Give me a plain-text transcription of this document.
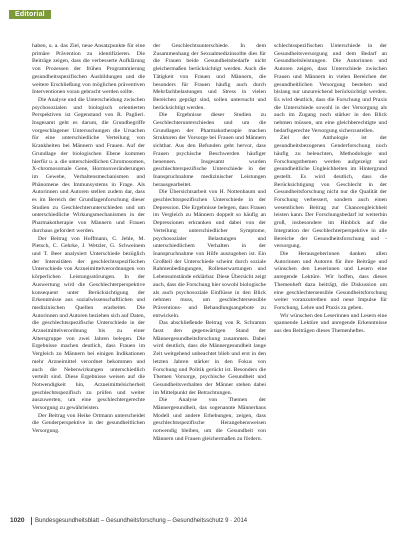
Editorial

haben, u. a. das Ziel, neue Ansatzpunkte für eine primäre Prävention zu identifizieren. Die Beiträge zeigen, dass die verbesserte Aufklärung von Prozessen der frühen Programmierung gesundheitsspezifischen Ausbildungen und die weitere Erschließung von möglichen präventiven Interventionen voran gebracht werden sollte.

Die Analyse und die Unterscheidung zwischen psychosozialen und biologisch orientierten Perspektiven ist Gegenstand von R. Paglieri. Insgesamt geht es darum, die Grundbegriffe vorgeschlagener Untersuchungen die Ursachen für eine unterschiedliche Verteilung von Krankheiten bei Männern und Frauen. Auf der Grundlage der biologischen Ebene kommen hierfür u. a. die unterschiedlichen Chromosomen, X-chromosomale Gene, Hormonveränderungen im Gewebe, Verhaltensmechanismen und Phänomene des Immunsystems in Frage. Als Autorinnen und Autoren stellen zudem dar, dass es im Bereich der Grundlagenforschung dieser Studien zu Geschlechterunterschieden und um unterschiedliche Wirkungsmechanismen in der Pharmakotherapie von Männern und Frauen durchaus gefordert werden.

Der Beitrag von Hoffmann, C. Jehle, M. Pietsch, C. Gehrke, J. Wetzler, G. Schweinem und T. Beer analysiert Unterschiede bezüglich der Intensitäten der geschlechtsspezifischen Unterschiede von Arzneimittelverordnungen von körperlichen Leistungsstörungen. In der Auswertung wird die Geschlechterperspektive konsequent unter Berücksichtigung der Erkenntnisse aus sozialwissenschaftlichen und medizinischen Quellen erarbeitet. Die Autorinnen und Autoren beziehen sich auf Daten, die geschlechtsspezifische Unterschiede in der Arzneimittelverordnung bis zu einer Altersgruppe von zwei Jahren belegen. Die Ergebnisse machen deutlich, dass Frauen im Vergleich zu Männern bei einigen Indikationen mehr Arzneimittel verordnet bekommen und auch die Nebenwirkungen unterschiedlich verteilt sind. Diese Ergebnisse weisen auf die Notwendigkeit hin, Arzneimittelsicherheit geschlechtsspezifisch zu prüfen und weiter auszuwerten, um eine geschlechtergerechte Versorgung zu gewährleisten.

Der Beitrag von Heike Ortmann unterscheidet die Genderperspektive in der gesundheitlichen Versorgung.

der Geschlechtsunterschiede. In dem Zusammenhang der Sexualmedizinsollte dies für die Frauen beide Gesundheitsbedarfe nicht gleichermaßen berücksichtigt werden. Auch die Tätigkeit von Frauen und Männern, die besonders für Frauen häufig auch durch Mehrfachbelastungen und Stress in vielen Bereichen geprägt sind, sollen untersucht und berücksichtigt werden.

Die Ergebnisse dieser Studien zu Geschlechterunterschieden und um die Grundlagen der Pharmakotherapie machen Strukturen der Vorsorge bei Frauen und Männern sichtbar. Aus den Befunden geht hervor, dass Frauen psychische Beschwerden häufiger benennen. Insgesamt wurden geschlechterspezifische Unterschiede in der Inanspruchnahme medizinischer Leistungen herausgearbeitet.

Die Übersichtsarbeit von H. Nottenbaum und geschlechtsspezifischen Unterschiede in der Depression. Die Ergebnisse belegen, dass Frauen im Vergleich zu Männern doppelt so häufig an Depressionen erkranken und dabei von der Verteilung unterschiedlicher Symptome, psychosozialer Belastungen und unterschiedlichem Verhalten in der Inanspruchnahme von Hilfe auszugehen ist. Ein Großteil der Unterschiede scheint durch soziale Rahmenbedingungen, Rollenerwartungen und Lebensumstände erklärbar. Diese Übersicht zeigt auch, dass die Forschung hier sowohl biologische als auch psychosoziale Einflüsse in den Blick nehmen muss, um geschlechtersensible Präventions- und Behandlungsangebote zu entwickeln.

Das abschließende Beitrag von R. Schramm fasst den gegenwärtigen Stand der Männergesundheitsforschung zusammen. Dabei wird deutlich, dass die Männergesundheit lange Zeit weitgehend unbeachtet blieb und erst in den letzten Jahren stärker in den Fokus von Forschung und Politik gerückt ist. Besonders die Themen Vorsorge, psychische Gesundheit und Gesundheitsverhalten der Männer stehen dabei im Mittelpunkt der Betrachtungen.

Die Analyse von Themen der Männergesundheit, das sogenannte Männerhaus Modell und andere Erhebungen, zeigen, dass geschlechtsspezifische Herangehensweisen notwendig bleiben, um die Gesundheit von Männern und Frauen gleichermaßen zu fördern.

schlechtsspezifischen Unterschiede in der Gesundheitsversorgung und dem Bedarf an Gesundheitsleistungen. Die Autorinnen und Autoren zeigen, dass Unterschiede zwischen Frauen und Männern in vielen Bereichen der gesundheitlichen Versorgung bestehen und bislang nur unzureichend berücksichtigt werden. Es wird deutlich, dass die Forschung und Praxis die Unterschiede sowohl in der Versorgung als auch im Zugang noch stärker in den Blick nehmen müssen, um eine gleichberechtigte und bedarfsgerechte Versorgung sicherzustellen.

Ziel der Anthologie ist der gesundheitsbezogenen Genderforschung noch häufig zu beleuchten, Methodologie und Forschungsthemen werden aufgezeigt und gesundheitliche Ungleichheiten im Hintergrund gestellt. Es wird deutlich, dass die Berücksichtigung von Geschlecht in der Gesundheitsforschung nicht nur die Qualität der Forschung verbessert, sondern auch einen wesentlichen Beitrag zur Chancengleichheit leisten kann. Der Forschungsbedarf ist weiterhin groß, insbesondere im Hinblick auf die Integration der Geschlechterperspektive in alle Bereiche der Gesundheitsforschung und -versorgung.

Die Herausgeberinnen danken allen Autorinnen und Autoren für ihre Beiträge und wünschen den Leserinnen und Lesern eine anregende Lektüre. Wir hoffen, dass dieses Themenheft dazu beiträgt, die Diskussion um eine geschlechtersensible Gesundheitsforschung weiter voranzutreiben und neue Impulse für Forschung, Lehre und Praxis zu geben.

Wir wünschen den Leserinnen und Lesern eine spannende Lektüre und anregende Erkenntnisse aus den Beiträgen dieses Themenheftes.

1020 Bundesgesundheitsblatt – Gesundheitsforschung – Gesundheitsschutz 9 · 2014
